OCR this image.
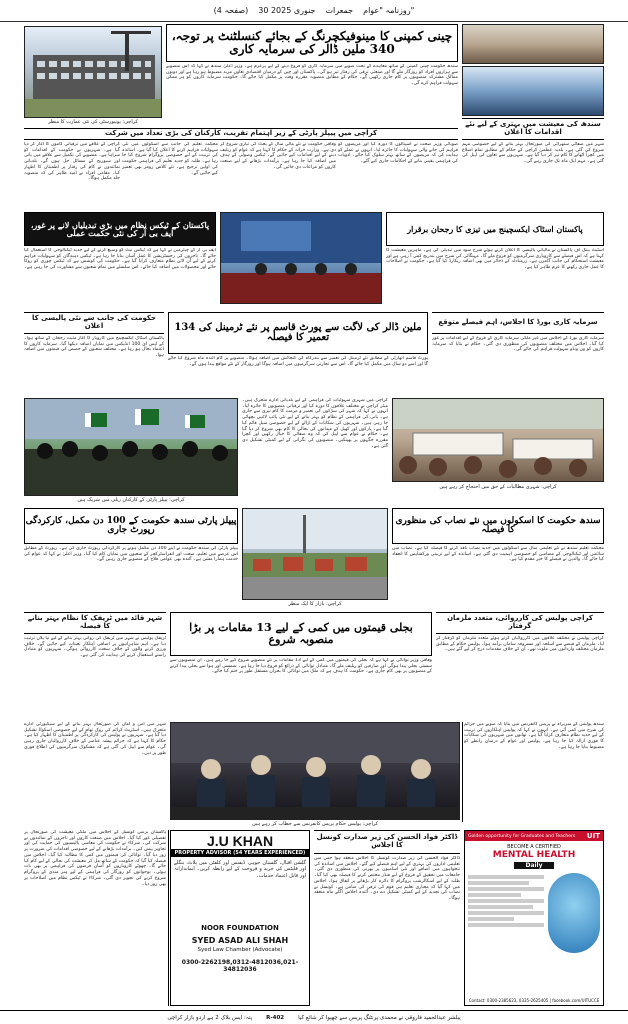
(صفحہ 4) 30 جنوری 2025 جمعرات روزنامہ "عوام"
کراچی: یونیورسٹی کی نئی عمارت کا منظر
چینی کمپنی کا مینوفیکچرنگ کے بجائے کنسلٹنٹ پر توجہ، 340 ملین ڈالر کی سرمایہ کاری
سندھ حکومت چینی کمپنی کے ساتھ معاہدے کے تحت صوبے میں سرمایہ کاری کو فروغ دینے کے لیے پرعزم ہے۔ وزیر اعلیٰ سندھ نے کہا کہ اس منصوبے سے ہزاروں افراد کو روزگار ملے گا اور صنعتی ترقی کی رفتار تیز ہو گی۔ پاکستان اور چین کے درمیان اقتصادی تعاون مزید مضبوط ہو رہا ہے اور دونوں ممالک مشترکہ منصوبوں پر کام جاری رکھیں گے۔ حکام کے مطابق منصوبہ مقررہ وقت پر مکمل کیا جائے گا۔ حکومت سرمایہ کاروں کو ہر ممکن سہولت فراہم کرے گی۔
کراچی میں پیپلز پارٹی کے زیر اہتمام تقریب، کارکنان کی بڑی تعداد میں شرکت
سندھ کی معیشت میں بہتری کے لیے نئے اقدامات کا اعلان
کراچی کے علاقے میں ترقیاتی کاموں کا آغاز کر دیا گیا ہے۔ شہریوں نے حکومت کے اقدامات کو سراہا ہے۔ منصوبے کی تکمیل سے علاقے میں پانی اور سیوریج کے مسائل حل ہوں گے۔ بلدیاتی نمائندوں نے کام کی رفتار پر اطمینان کا اظہار کیا۔ مقامی افراد نے امید ظاہر کی کہ منصوبہ جلد مکمل ہوگا۔
محکمہ تعلیم کی جانب سے اسکولوں میں نئی سہولیات فراہم کرنے کا اعلان کیا گیا ہے۔ اساتذہ کی تربیت کے لیے خصوصی پروگرام شروع کیا جا رہا ہے۔ طلبہ کو جدید تعلیم کی فراہمی حکومت کی اولین ترجیح ہے۔ نئے کلاس رومز بھی تعمیر کیے جائیں گے۔
وفاقی حکومت نے نئے مالی سال کے بجٹ کی تیاری شروع کر دی ہے۔ وزارت خزانہ کے حکام کا کہنا ہے کہ عوام کو ریلیف دینے کے لیے اقدامات کیے جائیں گے۔ ٹیکس وصولی کے ہدف میں اضافہ کیا جا رہا ہے۔ برآمدات بڑھانے کے لیے صنعت کاروں کو مراعات دی جائیں گی۔
صوبائی وزیر صحت نے اسپتالوں کا دورہ کیا اور مریضوں کو فراہم کی جانے والی سہولیات کا جائزہ لیا۔ انہوں نے عملے کو ہدایت کی کہ مریضوں کے ساتھ بہتر سلوک کیا جائے۔ ادویات کی فراہمی یقینی بنانے کے احکامات جاری کیے گئے۔
شہر میں صفائی ستھرائی کی صورتحال بہتر بنانے کے لیے خصوصی مہم شروع کی گئی ہے۔ بلدیہ عظمیٰ کراچی کے حکام کے مطابق تمام اضلاع میں کچرا اٹھانے کا کام تیز کر دیا گیا ہے۔ شہریوں سے تعاون کی اپیل کی گئی ہے۔ مہم ایک ماہ تک جاری رہے گی۔
پاکستان کے ٹیکس نظام میں بڑی تبدیلیاں لانے پر غور، ایف بی آر کی نئی حکمت عملی	پاکستان اسٹاک ایکسچینج میں تیزی کا رجحان برقرار
ایف بی آر کے چیئرمین نے کہا ہے کہ ٹیکس نیٹ کو وسیع کرنے کے لیے جدید ٹیکنالوجی کا استعمال کیا جائے گا۔ تاجروں کی رجسٹریشن کا عمل آسان بنایا جا رہا ہے۔ ٹیکس دہندگان کو سہولیات فراہم کرنے کے لیے آن لائن نظام متعارف کرایا گیا ہے۔ حکومت کی کوشش ہے کہ ٹیکس چوری کو روکا جائے اور محصولات میں اضافہ کیا جائے۔ اس سلسلے میں تمام شعبوں سے مشاورت کی جا رہی ہے۔
اسٹیٹ بینک آف پاکستان نے مالیاتی پالیسی کا اعلان کرتے ہوئے شرح سود میں تبدیلی کی ہے۔ ماہرین معیشت کا کہنا ہے کہ اس فیصلے سے کاروباری سرگرمیوں کو فروغ ملے گا۔ مہنگائی کی شرح میں بتدریج کمی آ رہی ہے اور معیشت استحکام کی جانب گامزن ہے۔ زرمبادلہ کے ذخائر میں بھی اضافہ ریکارڈ کیا گیا ہے۔ حکومت نے اصلاحات کا عمل جاری رکھنے کا عزم ظاہر کیا ہے۔
حکومت کی جانب سے نئی پالیسی کا اعلان	134 ملین ڈالر کی لاگت سے پورٹ قاسم پر نئے ٹرمینل کی تعمیر کا فیصلہ
سرمایہ کاری بورڈ کا اجلاس، اہم فیصلے متوقع
پاکستان اسٹاک ایکسچینج میں کاروبار کا آغاز مثبت رجحان کے ساتھ ہوا۔ کے ایس ای 100 انڈیکس میں نمایاں اضافہ دیکھا گیا۔ سرمایہ کاروں کا اعتماد بحال ہو رہا ہے۔ مختلف شعبوں کے حصص کی قیمتوں میں اضافہ ہوا۔
پورٹ قاسم اتھارٹی کے مطابق نئے ٹرمینل کی تعمیر سے بندرگاہ کی گنجائش میں اضافہ ہوگا۔ منصوبے پر کام آئندہ ماہ شروع کیا جائے گا اور اسے دو سال میں مکمل کیا جائے گا۔ اس سے تجارتی سرگرمیوں میں اضافہ ہوگا اور روزگار کے نئے مواقع پیدا ہوں گے۔
سرمایہ کاری بورڈ کے اجلاس میں غیر ملکی سرمایہ کاری کے فروغ کے لیے اقدامات پر غور کیا گیا۔ اجلاس میں مختلف منصوبوں کی منظوری دی گئی۔ حکام نے بتایا کہ سرمایہ کاروں کو ون ونڈو سہولت فراہم کی جائے گی۔
کراچی: پیپلز پارٹی کے کارکنان ریلی میں شریک ہیں
کراچی میں شہری سہولیات کی فراہمی کے لیے بلدیاتی ادارے متحرک ہیں۔ میئر کراچی نے مختلف علاقوں کا دورہ کیا اور ترقیاتی منصوبوں کا جائزہ لیا۔ انہوں نے کہا کہ شہر کی سڑکوں کی تعمیر و مرمت کا کام تیزی سے جاری ہے۔ پانی کی فراہمی کے نظام کو بہتر بنانے کے لیے نئی پائپ لائنیں بچھائی جا رہی ہیں۔ شہریوں کی شکایات کے ازالے کے لیے خصوصی سیل قائم کیا گیا ہے۔ پارکوں اور کھیل کے میدانوں کی بحالی کا کام بھی شروع کر دیا گیا ہے۔ حکام نے عوام سے اپیل کی کہ وہ صفائی کا خیال رکھیں اور کچرا مقررہ جگہوں پر پھینکیں۔ منصوبوں کی نگرانی کے لیے کمیٹی تشکیل دی گئی ہے۔
کراچی: شہری مطالبات کے حق میں احتجاج کر رہے ہیں
پیپلز پارٹی سندھ حکومت کے 100 دن مکمل، کارکردگی رپورٹ جاری
کراچی: بازار کا ایک منظر
سندھ حکومت کا اسکولوں میں نئے نصاب کی منظوری کا فیصلہ
پیپلز پارٹی کی سندھ حکومت نے اپنے 100 دن مکمل ہونے پر کارکردگی رپورٹ جاری کی ہے۔ رپورٹ کے مطابق اس عرصے میں تعلیم، صحت اور انفراسٹرکچر کے شعبوں میں نمایاں کام کیا گیا۔ وزیر اعلیٰ نے کہا کہ عوام کی خدمت ہمارا مشن ہے۔ آئندہ بھی عوامی فلاح کے منصوبے جاری رہیں گے۔
محکمہ تعلیم سندھ نے نئے تعلیمی سال سے اسکولوں میں جدید نصاب نافذ کرنے کا فیصلہ کیا ہے۔ نصاب میں سائنس اور ٹیکنالوجی کے مضامین کو خصوصی اہمیت دی گئی ہے۔ اساتذہ کے لیے تربیتی ورکشاپس کا انعقاد کیا جائے گا۔ والدین نے فیصلے کا خیر مقدم کیا ہے۔
شہر قائد میں ٹریفک کا نظام بہتر بنانے کا فیصلہ	بجلی قیمتوں میں کمی کے لیے 13 مقامات پر بڑا منصوبہ شروع
کراچی پولیس کی کارروائی، متعدد ملزمان گرفتار
ٹریفک پولیس نے شہر میں ٹریفک کی روانی بہتر بنانے کے لیے نیا پلان ترتیب دیا ہے۔ اہم شاہراہوں پر اضافی اہلکار تعینات کیے جائیں گے۔ خلاف ورزی کرنے والوں کے خلاف سخت کارروائی ہوگی۔ شہریوں کو متبادل راستے استعمال کرنے کی ہدایت کی گئی ہے۔
وفاقی وزیر توانائی نے کہا ہے کہ بجلی کی قیمتوں میں کمی کے لیے 13 مقامات پر نئے منصوبے شروع کیے جا رہے ہیں۔ ان منصوبوں سے سستی بجلی پیدا ہوگی اور صارفین کو ریلیف ملے گا۔ متبادل توانائی کے ذرائع کو فروغ دیا جا رہا ہے۔ شمسی اور ہوا سے بجلی پیدا کرنے کے منصوبوں پر بھی کام جاری ہے۔ حکومت کا ہدف ہے کہ ملک میں توانائی کا بحران مستقل طور پر ختم کیا جائے۔
کراچی پولیس نے مختلف علاقوں میں کارروائیاں کرتے ہوئے متعدد ملزمان کو گرفتار کر لیا۔ ملزمان کے قبضے سے اسلحہ اور مسروقہ سامان برآمد ہوا۔ پولیس حکام کے مطابق ملزمان مختلف وارداتوں میں ملوث تھے۔ ان کے خلاف مقدمات درج کر لیے گئے ہیں۔
شہر میں امن و امان کی صورتحال بہتر بنانے کے لیے سیکیورٹی ادارے متحرک ہیں۔ اسٹریٹ کرائم کی روک تھام کے لیے خصوصی اسکواڈ تشکیل دیا گیا ہے۔ شہریوں نے پولیس کی کارکردگی پر اطمینان کا اظہار کیا ہے۔ حکام کا کہنا ہے کہ جرائم پیشہ عناصر کے خلاف کارروائیاں جاری رہیں گی۔ عوام سے اپیل کی گئی ہے کہ مشکوک سرگرمیوں کی اطلاع فوری طور پر دیں۔
کراچی: پولیس حکام پریس کانفرنس سے خطاب کر رہے ہیں
سندھ پولیس کے سربراہ نے پریس کانفرنس میں بتایا کہ صوبے میں جرائم کی شرح میں کمی آئی ہے۔ انہوں نے کہا کہ پولیس اہلکاروں کی تربیت کے لیے جدید نظام متعارف کرایا گیا ہے۔ تھانوں میں شہریوں کی شکایات کا فوری ازالہ کیا جا رہا ہے۔ پولیس اور عوام کے درمیان رابطے کو مضبوط بنایا جا رہا ہے۔
پاکستان بزنس کونسل کے اجلاس میں ملکی معیشت کی صورتحال پر تفصیلی غور کیا گیا۔ اجلاس میں صنعت کاروں اور تاجروں کے نمائندوں نے شرکت کی۔ شرکاء نے حکومت کی معاشی پالیسیوں کی حمایت کی اور تجاویز پیش کیں۔ برآمدات بڑھانے کے لیے خصوصی اقدامات کی ضرورت پر زور دیا گیا۔ توانائی کی قیمتوں میں کمی کا مطالبہ کیا گیا۔ اجلاس میں فیصلہ کیا گیا کہ حکومت کے ساتھ مل کر معیشت کی بحالی کے لیے کام کیا جائے گا۔ چھوٹے کاروباروں کو آسان قرضوں کی فراہمی پر بھی بات ہوئی۔ نوجوانوں کو روزگار کی فراہمی کے لیے ہنر مندی کے پروگرام شروع کرنے کی تجویز دی گئی۔ شرکاء نے ٹیکس نظام میں اصلاحات پر بھی زور دیا۔
J.U KHAN
PROPERTY ADVISOR (54 YEARS EXPERIENCED)
گلشن اقبال، گلستان جوہر، ڈیفنس اور کلفٹن میں پلاٹ، بنگلے اور فلیٹس کی خرید و فروخت کے لیے رابطہ کریں۔ ایماندارانہ اور قابل اعتماد خدمات۔
NOOR FOUNDATION
SYED ASAD ALI SHAH
Syed Law Chamber (Advocate)
0300-2262198,0312-4812036,021-34812036
ڈاکٹر فواد الحسن کی زیر صدارت کونسل کا اجلاس
ڈاکٹر فواد الحسن کی زیر صدارت کونسل کا اجلاس منعقد ہوا جس میں تعلیمی اداروں کی بہتری کے لیے اہم فیصلے کیے گئے۔ اجلاس میں اساتذہ کی تنخواہوں میں اضافے اور نئی اسامیوں پر بھرتی کی منظوری دی گئی۔ جامعات میں تحقیق کے فروغ کے لیے فنڈز مختص کرنے کا فیصلہ بھی کیا گیا۔ طلبہ کے لیے اسکالرشپ پروگرام کا دائرہ کار بڑھانے پر اتفاق ہوا۔ اجلاس میں کہا گیا کہ معیاری تعلیم ہی قوم کی ترقی کی ضامن ہے۔ کونسل نے نصاب کی تجدید کے لیے کمیٹی تشکیل دے دی۔ آئندہ اجلاس اگلے ماہ منعقد ہوگا۔
Golden opportunity for Graduates and Teachers UIT
BECOME A CERTIFIED
MENTAL HEALTH
Daily
Contact: 0300-2385623, 0335-2625405 | facebook.com/UITUCCE
پتہ: ایس بلاک 2 ہے اردو بازار کراچی	R-402	پبلشر عبدالحمید فاروقی نے محمدی پرنٹنگ پریس سے چھپوا کر شائع کیا
